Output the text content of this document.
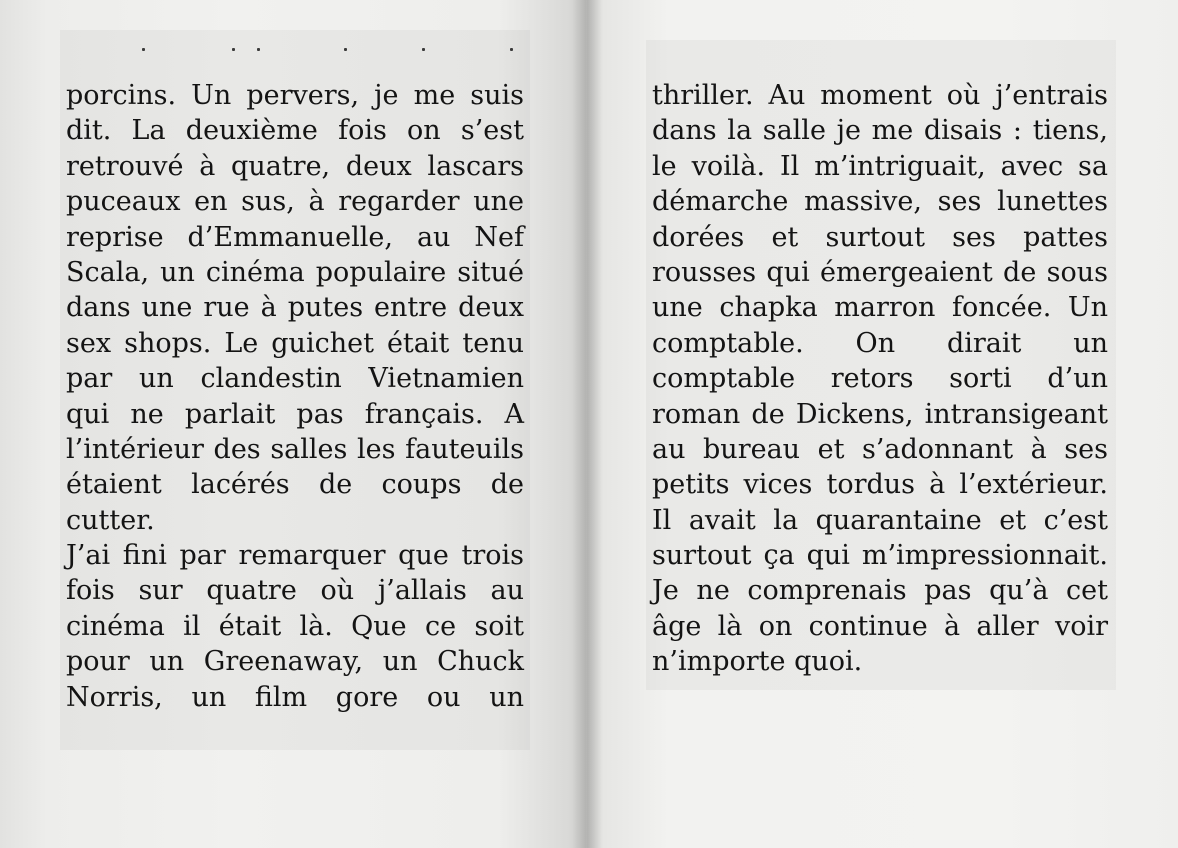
porcins. Un pervers, je me suis
dit. La deuxième fois on s’est
retrouvé à quatre, deux lascars
puceaux en sus, à regarder une
reprise d’Emmanuelle, au Nef
Scala, un cinéma populaire situé
dans une rue à putes entre deux
sex shops. Le guichet était tenu
par un clandestin Vietnamien
qui ne parlait pas français. A
l’intérieur des salles les fauteuils
étaient lacérés de coups de
cutter.
J’ai fini par remarquer que trois
fois sur quatre où j’allais au
cinéma il était là. Que ce soit
pour un Greenaway, un Chuck
Norris, un film gore ou un
thriller. Au moment où j’entrais
dans la salle je me disais : tiens,
le voilà. Il m’intriguait, avec sa
démarche massive, ses lunettes
dorées et surtout ses pattes
rousses qui émergeaient de sous
une chapka marron foncée. Un
comptable. On dirait un
comptable retors sorti d’un
roman de Dickens, intransigeant
au bureau et s’adonnant à ses
petits vices tordus à l’extérieur.
Il avait la quarantaine et c’est
surtout ça qui m’impressionnait.
Je ne comprenais pas qu’à cet
âge là on continue à aller voir
n’importe quoi.
